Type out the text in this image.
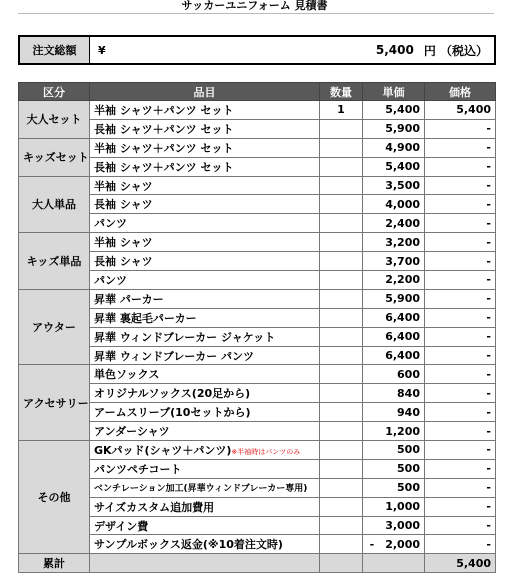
サッカーユニフォーム 見積書
注文総額	¥	5,400 円 （税込）
区分	品目	数量	単価	価格
大人セット	半袖 シャツ＋パンツ セット	1	5,400	5,400
	長袖 シャツ＋パンツ セット		5,900	-
キッズセット	半袖 シャツ＋パンツ セット		4,900	-
	長袖 シャツ＋パンツ セット		5,400	-
大人単品	半袖 シャツ		3,500	-
	長袖 シャツ		4,000	-
	パンツ		2,400	-
キッズ単品	半袖 シャツ		3,200	-
	長袖 シャツ		3,700	-
	パンツ		2,200	-
アウター	昇華 パーカー		5,900	-
	昇華 裏起毛パーカー		6,400	-
	昇華 ウィンドブレーカー ジャケット		6,400	-
	昇華 ウィンドブレーカー パンツ		6,400	-
アクセサリー	単色ソックス		600	-
	オリジナルソックス(20足から)		840	-
	アームスリーブ(10セットから)		940	-
	アンダーシャツ		1,200	-
その他	GKパッド(シャツ＋パンツ)※半袖時はパンツのみ		500	-
	パンツペチコート		500	-
	ベンチレーション加工(昇華ウィンドブレーカー専用)		500	-
	サイズカスタム追加費用		1,000	-
	デザイン費		3,000	-
	サンプルボックス返金(※10着注文時)		-　2,000	-
累計				5,400
